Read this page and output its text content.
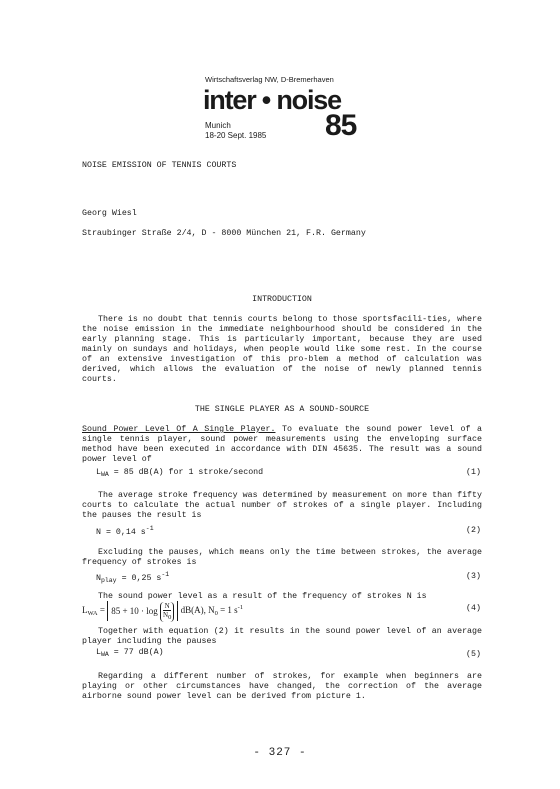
Wirtschaftsverlag NW, D-Bremerhaven
inter • noise
Munich
18-20 Sept. 1985 85
NOISE EMISSION OF TENNIS COURTS
Georg Wiesl
Straubinger Straße 2/4, D - 8000 München 21, F.R. Germany
INTRODUCTION
There is no doubt that tennis courts belong to those sportsfacili-ties, where the noise emission in the immediate neighbourhood should be considered in the early planning stage. This is particularly important, because they are used mainly on sundays and holidays, when people would like some rest. In the course of an extensive investigation of this pro-blem a method of calculation was derived, which allows the evaluation of the noise of newly planned tennis courts.
THE SINGLE PLAYER AS A SOUND-SOURCE
Sound Power Level Of A Single Player. To evaluate the sound power level of a single tennis player, sound power measurements using the enveloping surface method have been executed in accordance with DIN 45635. The result was a sound power level of
$L_{WA} = 85$ dB(A) for 1 stroke/second	(1)
The average stroke frequency was determined by measurement on more than fifty courts to calculate the actual number of strokes of a single player. Including the pauses the result is
N = 0,14 $s^{-1}$	(2)
Excluding the pauses, which means only the time between strokes, the average frequency of strokes is
$N_{play} = 0,25$ $s^{-1}$	(3)
The sound power level as a result of the frequency of strokes N is
$L_{WA} = 85 + 10 \cdot \log N$
$N_0$ dB(A), $N_0 = 1$ $s^{-1}$	(4)
Together with equation (2) it results in the sound power level of an average player including the pauses
$L_{WA} = 77$ dB(A)	(5)
Regarding a different number of strokes, for example when beginners are playing or other circumstances have changed, the correction of the average airborne sound power level can be derived from picture 1.
- 327 -
